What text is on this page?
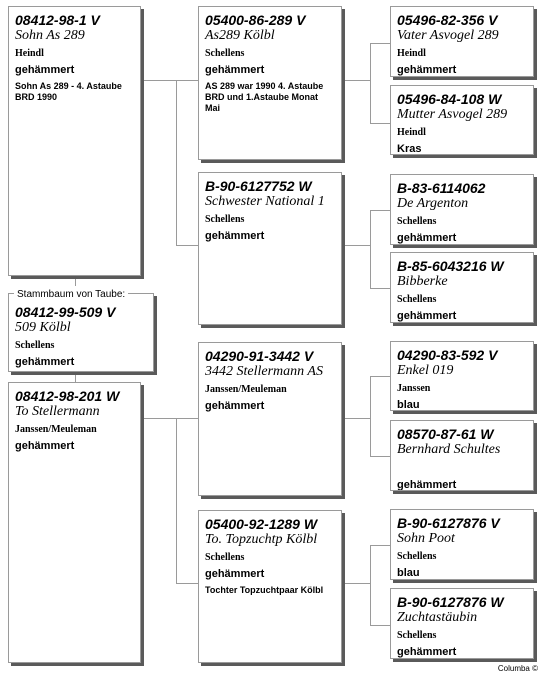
08412-98-1 V
Sohn As 289
Heindl
gehämmert
Sohn As 289 - 4. Astaube BRD 1990
08412-99-509 V
509 Kölbl
Schellens
gehämmert
Stammbaum von Taube:
08412-98-201 W
To Stellermann
Janssen/Meuleman
gehämmert
05400-86-289 V
As289 Kölbl
Schellens
gehämmert
AS 289 war 1990 4. Astaube BRD und 1.Astaube Monat Mai
B-90-6127752 W
Schwester National 1
Schellens
gehämmert
04290-91-3442 V
3442 Stellermann AS
Janssen/Meuleman
gehämmert
05400-92-1289 W
To. Topzuchtp Kölbl
Schellens
gehämmert
Tochter Topzuchtpaar Kölbl
05496-82-356 V
Vater Asvogel 289
Heindl
gehämmert
05496-84-108 W
Mutter Asvogel 289
Heindl
Kras
B-83-6114062
De Argenton
Schellens
gehämmert
B-85-6043216 W
Bibberke
Schellens
gehämmert
04290-83-592 V
Enkel 019
Janssen
blau
08570-87-61 W
Bernhard Schultes
gehämmert
B-90-6127876 V
Sohn Poot
Schellens
blau
B-90-6127876 W
Zuchtastäubin
Schellens
gehämmert
Columba ©
